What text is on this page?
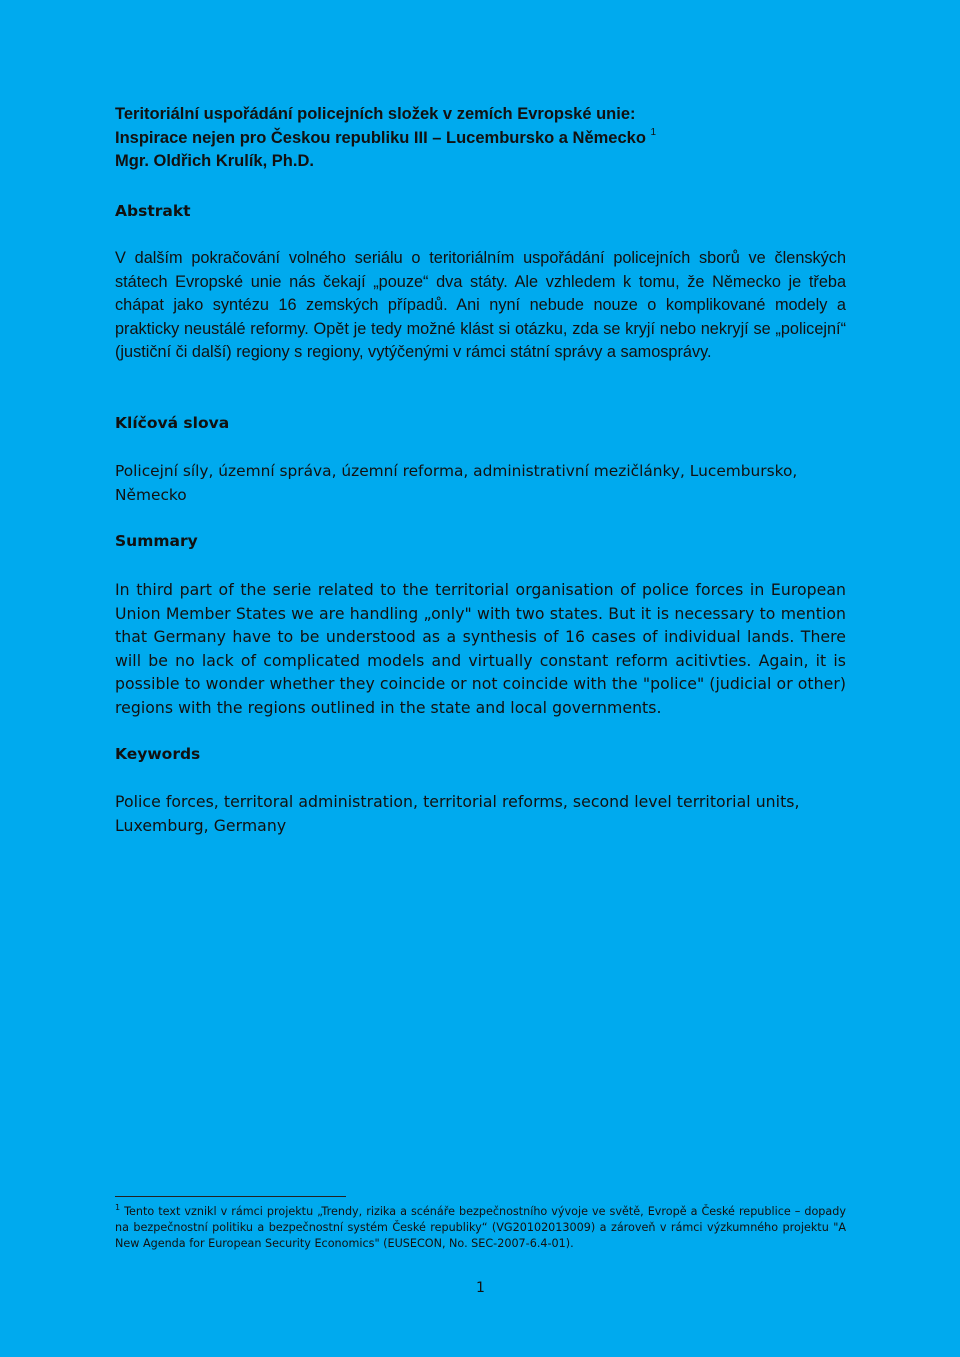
Teritoriální uspořádání policejních složek v zemích Evropské unie:
Inspirace nejen pro Českou republiku III – Lucembursko a Německo $^1$
Mgr. Oldřich Krulík, Ph.D.
Abstrakt
V dalším pokračování volného seriálu o teritoriálním uspořádání policejních sborů ve členských státech Evropské unie nás čekají „pouze“ dva státy. Ale vzhledem k tomu, že Německo je třeba chápat jako syntézu 16 zemských případů. Ani nyní nebude nouze o komplikované modely a prakticky neustálé reformy. Opět je tedy možné klást si otázku, zda se kryjí nebo nekryjí se „policejní“ (justiční či další) regiony s regiony, vytýčenými v rámci státní správy a samosprávy.
Klíčová slova
Policejní síly, územní správa, územní reforma, administrativní mezičlánky, Lucembursko, Německo
Summary
In third part of the serie related to the territorial organisation of police forces in European Union Member States we are handling „only" with two states. But it is necessary to mention that Germany have to be understood as a synthesis of 16 cases of individual lands. There will be no lack of complicated models and virtually constant reform acitivties. Again, it is possible to wonder whether they coincide or not coincide with the "police" (judicial or other) regions with the regions outlined in the state and local governments.
Keywords
Police forces, territoral administration, territorial reforms, second level territorial units, Luxemburg, Germany
$^1$ Tento text vznikl v rámci projektu „Trendy, rizika a scénáře bezpečnostního vývoje ve světě, Evropě a České republice – dopady na bezpečnostní politiku a bezpečnostní systém České republiky“ (VG20102013009) a zároveň v rámci výzkumného projektu "A New Agenda for European Security Economics" (EUSECON, No. SEC-2007-6.4-01).
1
